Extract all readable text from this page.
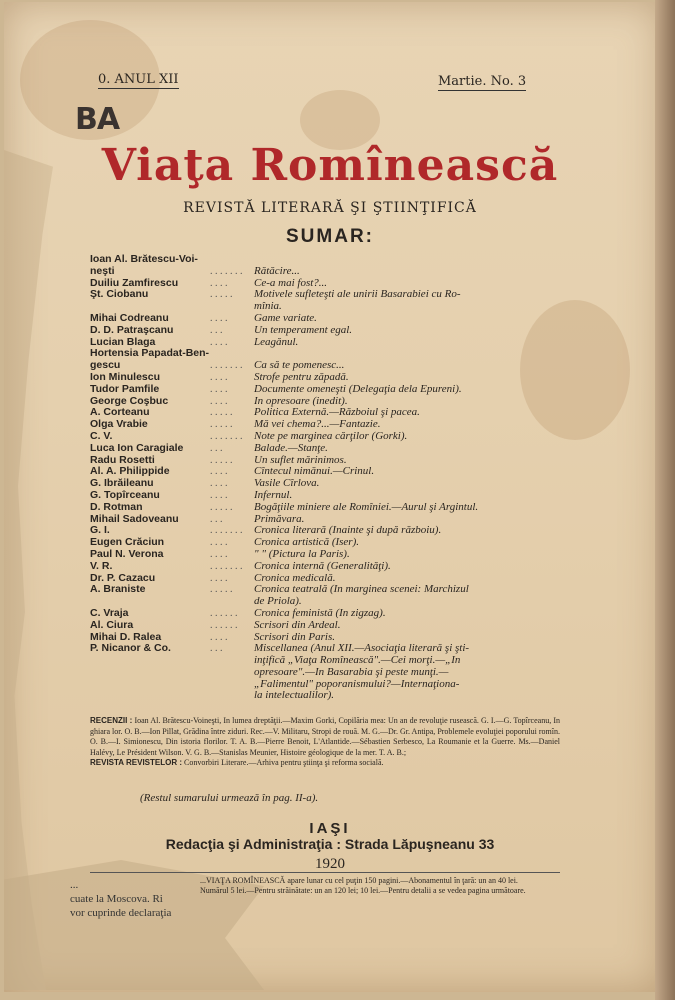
0. ANUL XII	Martie. No. 3
BA
Viaţa Romînească
REVISTĂ LITERARĂ ŞI ŞTIINŢIFICĂ
SUMAR:
Ioan Al. Brătescu-Voi-
neşti	. . . . . . .	Rătăcire...
Duiliu Zamfirescu	. . . .	Ce-a mai fost?...
Şt. Ciobanu	. . . . .	Motivele sufleteşti ale unirii Basarabiei cu Ro-
mînia.
Mihai Codreanu	. . . .	Game variate.
D. D. Patraşcanu	. . .	Un temperament egal.
Lucian Blaga	. . . .	Leagănul.
Hortensia Papadat-Ben-
gescu	. . . . . . .	Ca să te pomenesc...
Ion Minulescu	. . . .	Strofe pentru zăpadă.
Tudor Pamfile	. . . .	Documente omeneşti (Delegaţia dela Epureni).
George Coşbuc	. . . .	In opresoare (inedit).
A. Corteanu	. . . . .	Politica Externă.—Războiul şi pacea.
Olga Vrabie	. . . . .	Mă vei chema?...—Fantazie.
C. V.	. . . . . . .	Note pe marginea cărţilor (Gorki).
Luca Ion Caragiale	. . .	Balade.—Stanţe.
Radu Rosetti	. . . . .	Un suflet mărinimos.
Al. A. Philippide	. . . .	Cîntecul nimănui.—Crinul.
G. Ibrăileanu	. . . .	Vasile Cîrlova.
G. Topîrceanu	. . . .	Infernul.
D. Rotman	. . . . .	Bogăţiile miniere ale Romîniei.—Aurul şi Argintul.
Mihail Sadoveanu	. . .	Primăvara.
G. I.	. . . . . . .	Cronica literară (Inainte şi după războiu).
Eugen Crăciun	. . . .	Cronica artistică (Iser).
Paul N. Verona	. . . .	" " (Pictura la Paris).
V. R.	. . . . . . .	Cronica internă (Generalităţi).
Dr. P. Cazacu	. . . .	Cronica medicală.
A. Braniste	. . . . .	Cronica teatrală (In marginea scenei: Marchizul
de Priola).
C. Vraja	. . . . . .	Cronica feministă (In zigzag).
Al. Ciura	. . . . . .	Scrisori din Ardeal.
Mihai D. Ralea	. . . .	Scrisori din Paris.
P. Nicanor & Co.	. . .	Miscellanea (Anul XII.—Asociaţia literară şi şti-
inţifică „Viaţa Romînească".—Cei morţi.—„In
opresoare".—In Basarabia şi peste munţi.—
„Falimentul" poporanismului?—Internaţiona-
la intelectualilor).
RECENZII : Ioan Al. Brătescu-Voineşti, In lumea dreptăţii.—Maxim Gorki, Copilăria mea: Un an de revoluţie rusească. G. I.—G. Topîrceanu, In ghiara lor. O. B.—Ion Pillat, Grădina între ziduri. Rec.—V. Militaru, Stropi de rouă. M. G.—Dr. Gr. Antipa, Problemele evoluţiei poporului romîn. O. B.—I. Simionescu, Din istoria florilor. T. A. B.—Pierre Benoit, L'Atlantide.—Sébastien Serbesco, La Roumanie et la Guerre. Ms.—Daniel Halévy, Le Président Wilson. V. G. B.—Stanislas Meunier, Histoire géologique de la mer. T. A. B.;
REVISTA REVISTELOR : Convorbiri Literare.—Arhiva pentru ştiinţa şi reforma socială.
(Restul sumarului urmează în pag. II-a).
IAŞI
Redacţia şi Administraţia : Strada Lăpuşneanu 33
1920
...VIAŢA ROMÎNEASCĂ apare lunar cu cel puţin 150 pagini.—Abonamentul în ţară: un an 40 lei. Numărul 5 lei.—Pentru străinătate: un an 120 lei; 10 lei.—Pentru detalii a se vedea pagina următoare.
...
cuate la Moscova. Ri
vor cuprinde declaraţia
